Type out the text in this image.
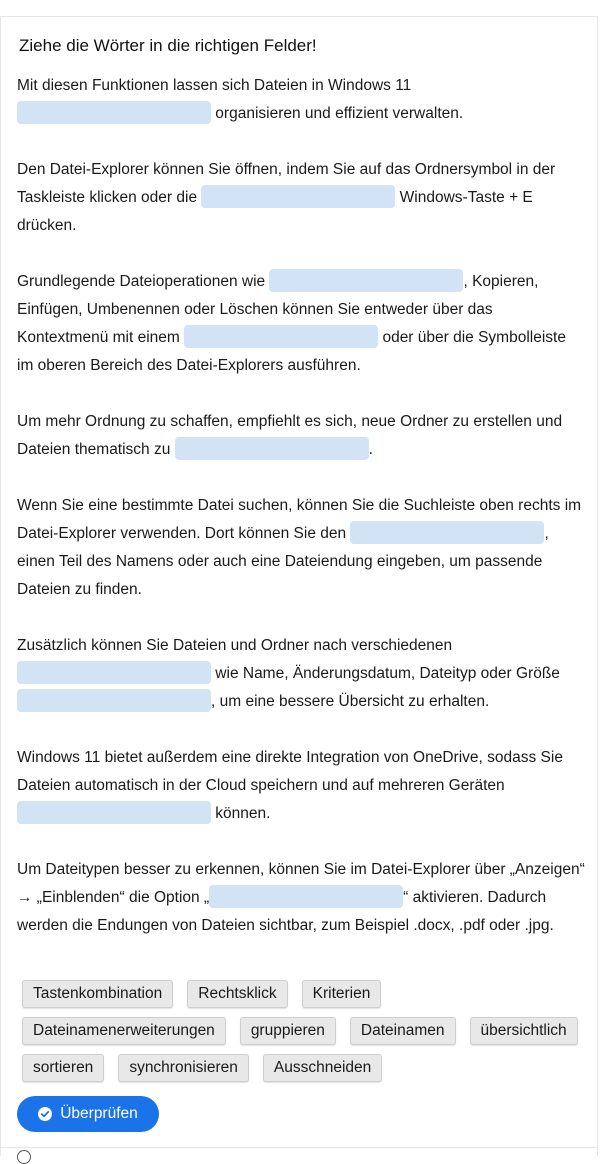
Ziehe die Wörter in die richtigen Felder!

Mit diesen Funktionen lassen sich Dateien in Windows 11  organisieren und effizient verwalten.

Den Datei-Explorer können Sie öffnen, indem Sie auf das Ordnersymbol in der Taskleiste klicken oder die	Windows-Taste + E drücken.

Grundlegende Dateioperationen wie	, Kopieren, Einfügen, Umbenennen oder Löschen können Sie entweder über das Kontextmenü mit einem	oder über die Symbolleiste im oberen Bereich des Datei-Explorers ausführen.

Um mehr Ordnung zu schaffen, empfiehlt es sich, neue Ordner zu erstellen und Dateien thematisch zu	.

Wenn Sie eine bestimmte Datei suchen, können Sie die Suchleiste oben rechts im Datei-Explorer verwenden. Dort können Sie den	, einen Teil des Namens oder auch eine Dateiendung eingeben, um passende Dateien zu finden.

Zusätzlich können Sie Dateien und Ordner nach verschiedenen  wie Name, Änderungsdatum, Dateityp oder Größe , um eine bessere Übersicht zu erhalten.

Windows 11 bietet außerdem eine direkte Integration von OneDrive, sodass Sie Dateien automatisch in der Cloud speichern und auf mehreren Geräten  können.

Um Dateitypen besser zu erkennen, können Sie im Datei-Explorer über „Anzeigen“ → „Einblenden“ die Option „	“ aktivieren. Dadurch werden die Endungen von Dateien sichtbar, zum Beispiel .docx, .pdf oder .jpg.

Tastenkombination	Rechtsklick	Kriterien
Dateinamenerweiterungen	gruppieren	Dateinamen	übersichtlich
sortieren	synchronisieren	Ausschneiden
Überprüfen
